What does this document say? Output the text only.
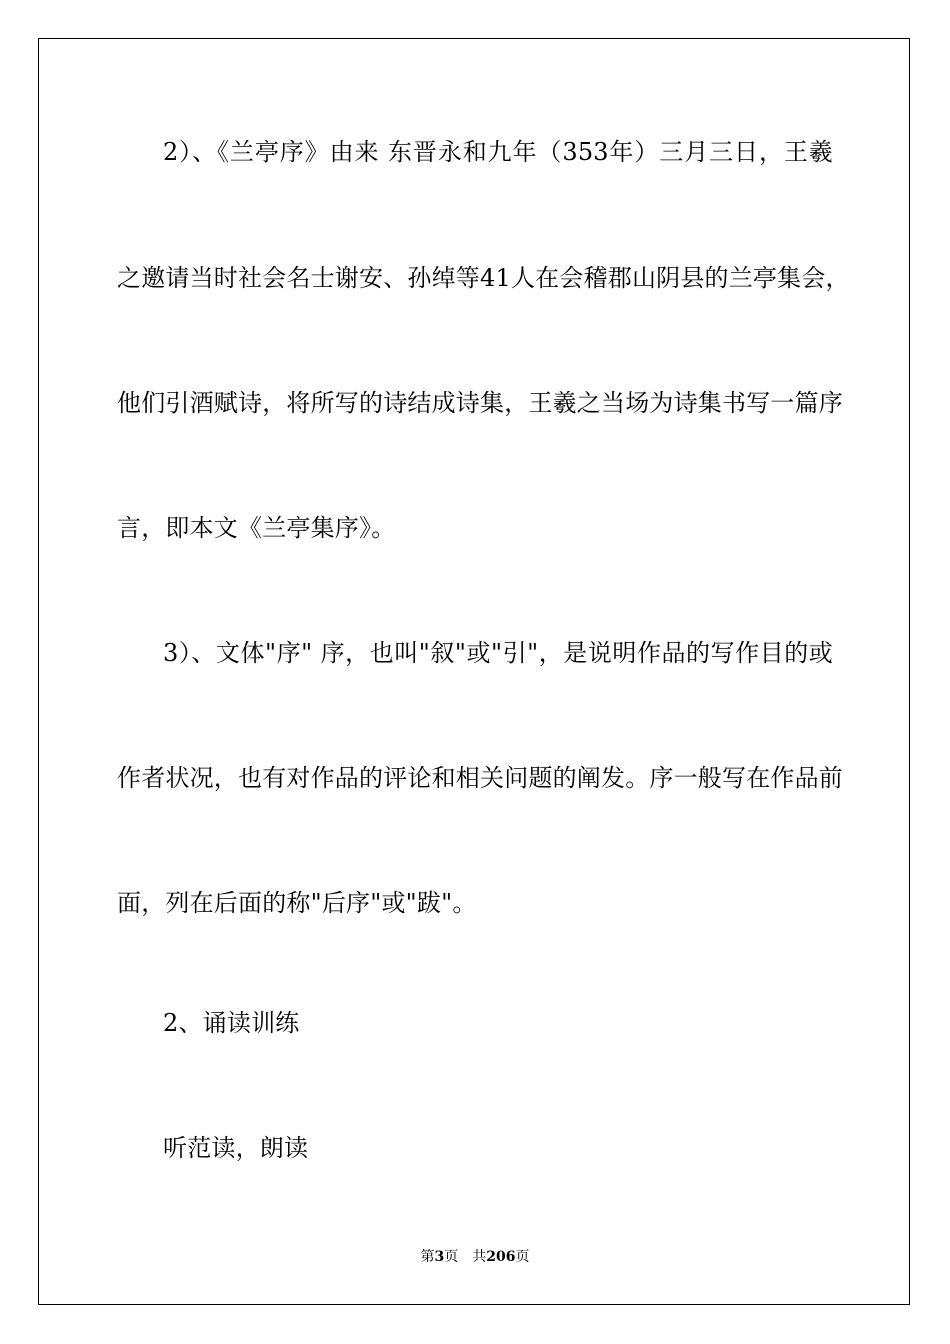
2）、《兰亭序》由来 东晋永和九年（353年）三月三日，王羲
之邀请当时社会名士谢安、孙绰等41人在会稽郡山阴县的兰亭集会，
他们引酒赋诗，将所写的诗结成诗集，王羲之当场为诗集书写一篇序
言，即本文《兰亭集序》。
3）、文体"序" 序，也叫"叙"或"引"，是说明作品的写作目的或
作者状况，也有对作品的评论和相关问题的阐发。序一般写在作品前
面，列在后面的称"后序"或"跋"。
2、诵读训练
听范读，朗读
第3页 共206页
